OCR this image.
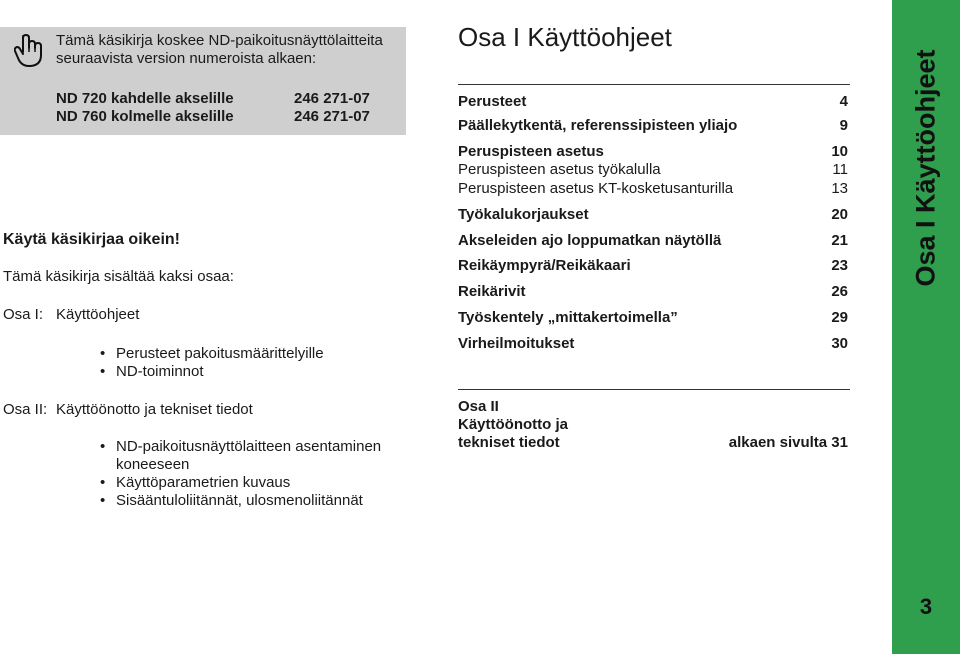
Tämä käsikirja koskee ND-paikoitusnäyttölaitteita
seuraavista version numeroista alkaen:
ND 720 kahdelle akselille	246 271-07
ND 760 kolmelle akselille	246 271-07
Käytä käsikirjaa oikein!
Tämä käsikirja sisältää kaksi osaa:
Osa I: Käyttöohjeet
• Perusteet pakoitusmäärittelyille
• ND-toiminnot
Osa II: Käyttöönotto ja tekniset tiedot
• ND-paikoitusnäyttölaitteen asentaminen
koneeseen
• Käyttöparametrien kuvaus
• Sisääntuloliitännät, ulosmenoliitännät
Osa I Käyttöohjeet
Perusteet	4
Päällekytkentä, referenssipisteen yliajo	9
Peruspisteen asetus	10
Peruspisteen asetus työkalulla	11
Peruspisteen asetus KT-kosketusanturilla	13
Työkalukorjaukset	20
Akseleiden ajo loppumatkan näytöllä	21
Reikäympyrä/Reikäkaari	23
Reikärivit	26
Työskentely „mittakertoimella”	29
Virheilmoitukset	30
Osa II
Käyttöönotto ja
tekniset tiedot	alkaen sivulta 31
Osa I Käyttöohjeet
3
